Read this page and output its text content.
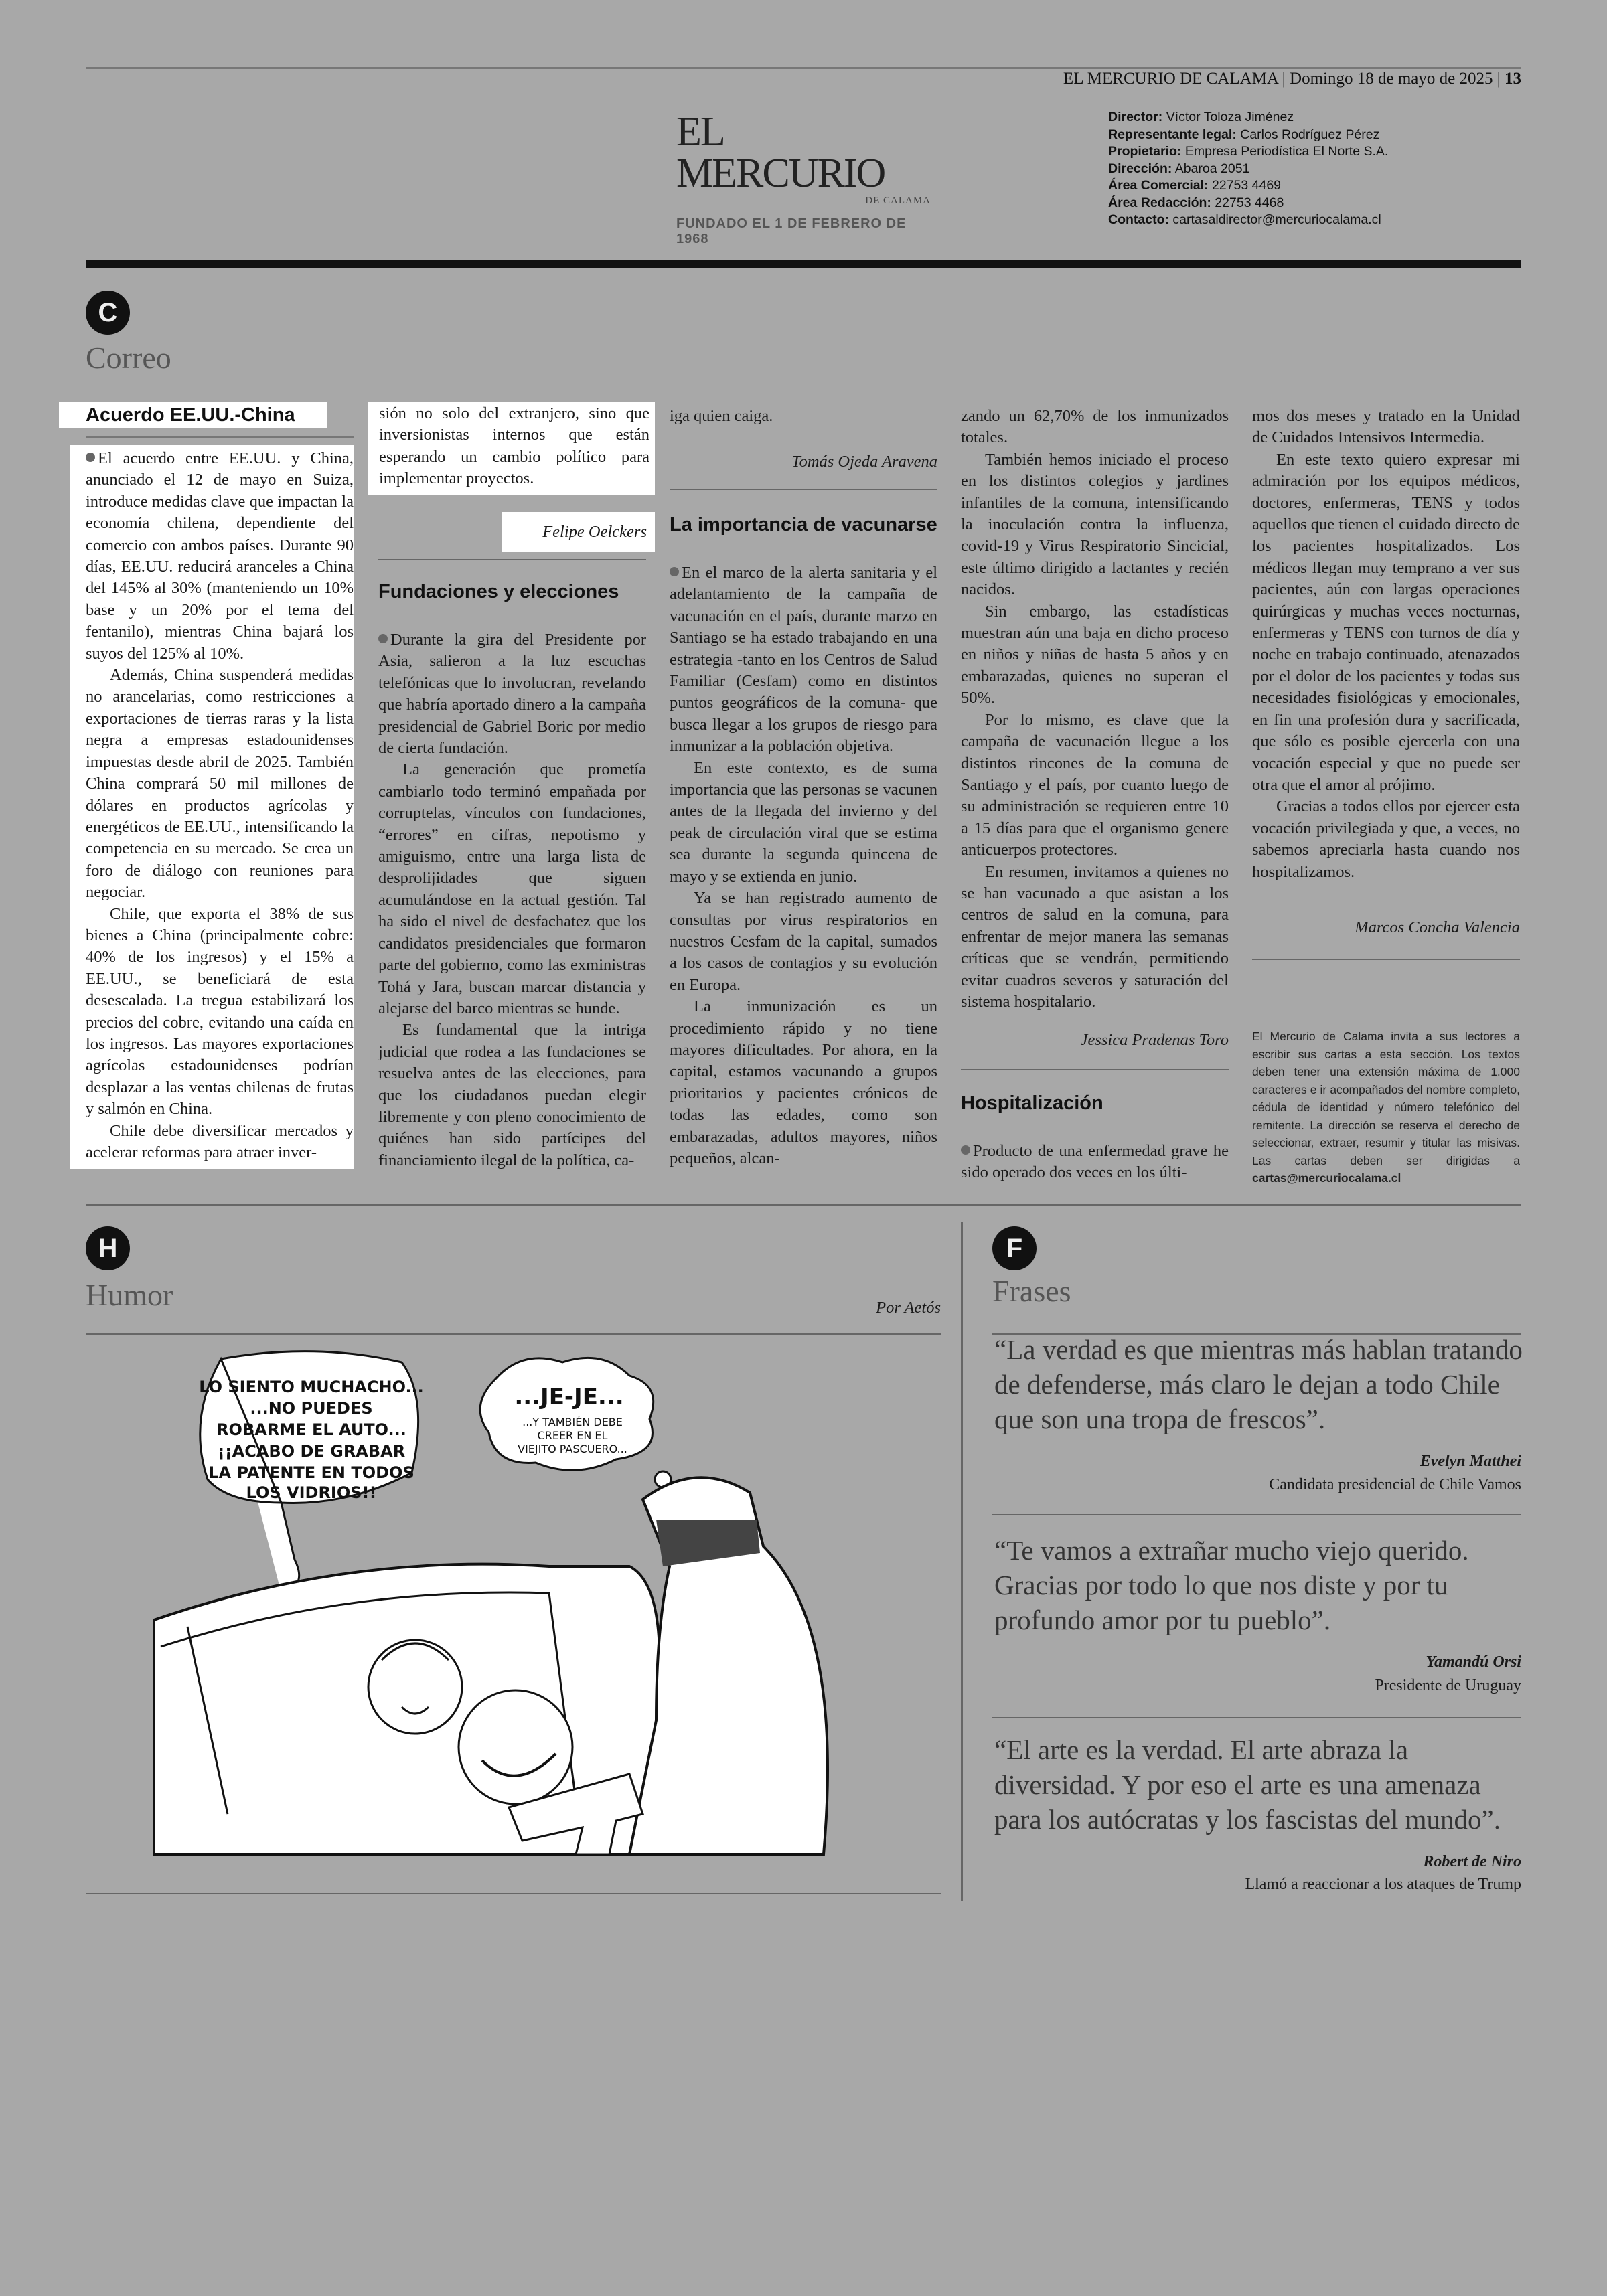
EL MERCURIO DE CALAMA | Domingo 18 de mayo de 2025 | 13
EL MERCURIO
DE CALAMA
FUNDADO EL 1 DE FEBRERO DE 1968
Director: Víctor Toloza Jiménez
Representante legal: Carlos Rodríguez Pérez
Propietario: Empresa Periodística El Norte S.A.
Dirección: Abaroa 2051
Área Comercial: 22753 4469
Área Redacción: 22753 4468
Contacto: cartasaldirector@mercuriocalama.cl
C
Correo
Acuerdo EE.UU.-China

El acuerdo entre EE.UU. y China, anunciado el 12 de mayo en Suiza, introduce medidas clave que impactan la economía chilena, dependiente del comercio con ambos países. Durante 90 días, EE.UU. reducirá aranceles a China del 145% al 30% (manteniendo un 10% base y un 20% por el tema del fentanilo), mientras China bajará los suyos del 125% al 10%.

Además, China suspenderá medidas no arancelarias, como restricciones a exportaciones de tierras raras y la lista negra a empresas estadounidenses impuestas desde abril de 2025. También China comprará 50 mil millones de dólares en productos agrícolas y energéticos de EE.UU., intensificando la competencia en su mercado. Se crea un foro de diálogo con reuniones para negociar.

Chile, que exporta el 38% de sus bienes a China (principalmente cobre: 40% de los ingresos) y el 15% a EE.UU., se beneficiará de esta desescalada. La tregua estabilizará los precios del cobre, evitando una caída en los ingresos. Las mayores exportaciones agrícolas estadounidenses podrían desplazar a las ventas chilenas de frutas y salmón en China.

Chile debe diversificar mercados y acelerar reformas para atraer inver-

sión no solo del extranjero, sino que inversionistas internos que están esperando un cambio político para implementar proyectos.

Felipe Oelckers
Fundaciones y elecciones

Durante la gira del Presidente por Asia, salieron a la luz escuchas telefónicas que lo involucran, revelando que habría aportado dinero a la campaña presidencial de Gabriel Boric por medio de cierta fundación.

La generación que prometía cambiarlo todo terminó empañada por corruptelas, vínculos con fundaciones, “errores” en cifras, nepotismo y amiguismo, entre una larga lista de desprolijidades que siguen acumulándose en la actual gestión. Tal ha sido el nivel de desfachatez que los candidatos presidenciales que formaron parte del gobierno, como las exministras Tohá y Jara, buscan marcar distancia y alejarse del barco mientras se hunde.

Es fundamental que la intriga judicial que rodea a las fundaciones se resuelva antes de las elecciones, para que los ciudadanos puedan elegir libremente y con pleno conocimiento de quiénes han sido partícipes del financiamiento ilegal de la política, ca-

iga quien caiga.

Tomás Ojeda Aravena
La importancia de vacunarse

En el marco de la alerta sanitaria y el adelantamiento de la campaña de vacunación en el país, durante marzo en Santiago se ha estado trabajando en una estrategia -tanto en los Centros de Salud Familiar (Cesfam) como en distintos puntos geográficos de la comuna- que busca llegar a los grupos de riesgo para inmunizar a la población objetiva.

En este contexto, es de suma importancia que las personas se vacunen antes de la llegada del invierno y del peak de circulación viral que se estima sea durante la segunda quincena de mayo y se extienda en junio.

Ya se han registrado aumento de consultas por virus respiratorios en nuestros Cesfam de la capital, sumados a los casos de contagios y su evolución en Europa.

La inmunización es un procedimiento rápido y no tiene mayores dificultades. Por ahora, en la capital, estamos vacunando a grupos prioritarios y pacientes crónicos de todas las edades, como son embarazadas, adultos mayores, niños pequeños, alcan-

zando un 62,70% de los inmunizados totales.

También hemos iniciado el proceso en los distintos colegios y jardines infantiles de la comuna, intensificando la inoculación contra la influenza, covid-19 y Virus Respiratorio Sincicial, este último dirigido a lactantes y recién nacidos.

Sin embargo, las estadísticas muestran aún una baja en dicho proceso en niños y niñas de hasta 5 años y en embarazadas, quienes no superan el 50%.

Por lo mismo, es clave que la campaña de vacunación llegue a los distintos rincones de la comuna de Santiago y el país, por cuanto luego de su administración se requieren entre 10 a 15 días para que el organismo genere anticuerpos protectores.

En resumen, invitamos a quienes no se han vacunado a que asistan a los centros de salud en la comuna, para enfrentar de mejor manera las semanas críticas que se vendrán, permitiendo evitar cuadros severos y saturación del sistema hospitalario.

Jessica Pradenas Toro
Hospitalización

Producto de una enfermedad grave he sido operado dos veces en los últi-

mos dos meses y tratado en la Unidad de Cuidados Intensivos Intermedia.

En este texto quiero expresar mi admiración por los equipos médicos, doctores, enfermeras, TENS y todos aquellos que tienen el cuidado directo de los pacientes hospitalizados. Los médicos llegan muy temprano a ver sus pacientes, aún con largas operaciones quirúrgicas y muchas veces nocturnas, enfermeras y TENS con turnos de día y noche en trabajo continuado, atenazados por el dolor de los pacientes y todas sus necesidades fisiológicas y emocionales, en fin una profesión dura y sacrificada, que sólo es posible ejercerla con una vocación especial y que no puede ser otra que el amor al prójimo.

Gracias a todos ellos por ejercer esta vocación privilegiada y que, a veces, no sabemos apreciarla hasta cuando nos hospitalizamos.

Marcos Concha Valencia
El Mercurio de Calama invita a sus lectores a escribir sus cartas a esta sección. Los textos deben tener una extensión máxima de 1.000 caracteres e ir acompañados del nombre completo, cédula de identidad y número telefónico del remitente. La dirección se reserva el derecho de seleccionar, extraer, resumir y titular las misivas. Las cartas deben ser dirigidas a cartas@mercuriocalama.cl
H
Humor	Por Aetós
LO SIENTO MUCHACHO...
...NO PUEDES
ROBARME EL AUTO...
¡¡ACABO DE GRABAR
LA PATENTE EN TODOS
LOS VIDRIOS!!
...JE-JE...
...Y TAMBIÉN DEBE
CREER EN EL
VIEJITO PASCUERO...
F
Frases
“La verdad es que mientras más hablan tratando de defenderse, más claro le dejan a todo Chile que son una tropa de frescos”.
Evelyn Matthei
Candidata presidencial de Chile Vamos
“Te vamos a extrañar mucho viejo querido. Gracias por todo lo que nos diste y por tu profundo amor por tu pueblo”.
Yamandú Orsi
Presidente de Uruguay
“El arte es la verdad. El arte abraza la diversidad. Y por eso el arte es una amenaza para los autócratas y los fascistas del mundo”.
Robert de Niro
Llamó a reaccionar a los ataques de Trump
